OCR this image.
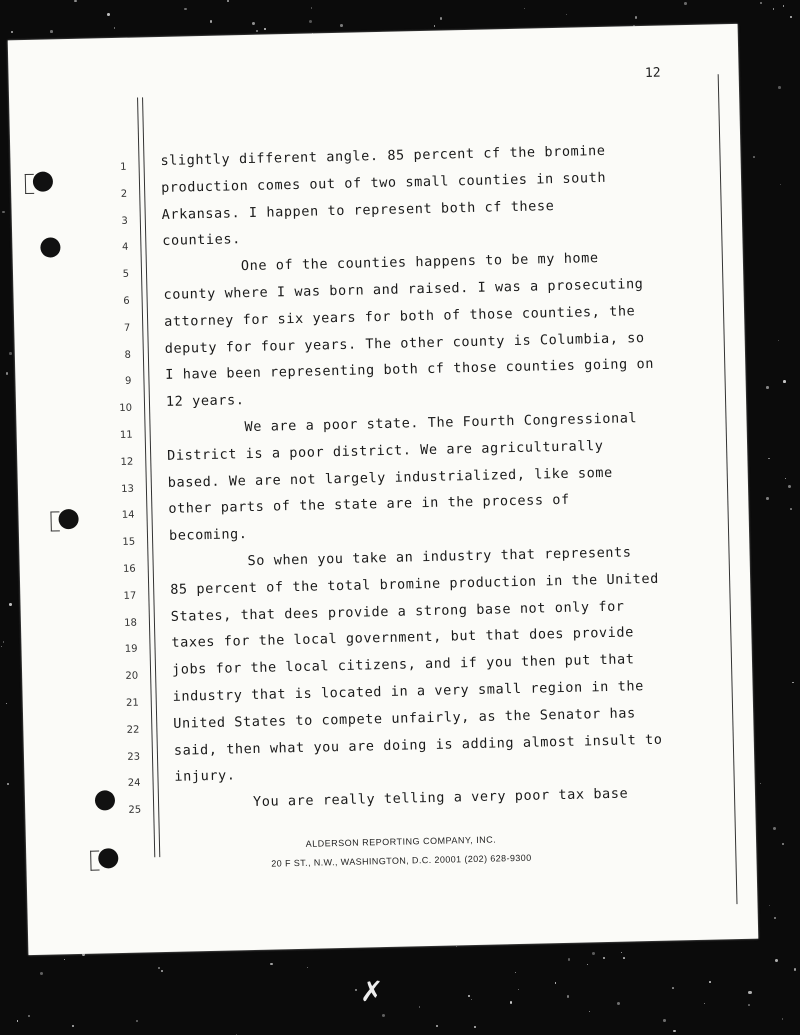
✗
12
1 slightly different angle. 85 percent cf the bromine
2 production comes out of two small counties in south
3 Arkansas. I happen to represent both cf these
4 counties.
5
One of the counties happens to be my home
6 county where I was born and raised. I was a prosecuting
7 attorney for six years for both of those counties, the
8 deputy for four years. The other county is Columbia, so
9 I have been representing both cf those counties going on
10 12 years.
11
We are a poor state. The Fourth Congressional
12 District is a poor district. We are agriculturally
13 based. We are not largely industrialized, like some
14 other parts of the state are in the process of
15 becoming.
16
So when you take an industry that represents
17 85 percent of the total bromine production in the United
18 States, that dees provide a strong base not only for
19 taxes for the local government, but that does provide
20 jobs for the local citizens, and if you then put that
21 industry that is located in a very small region in the
22 United States to compete unfairly, as the Senator has
23 said, then what you are doing is adding almost insult to
24 injury.
25
You are really telling a very poor tax base
ALDERSON REPORTING COMPANY, INC.
20 F ST., N.W., WASHINGTON, D.C. 20001 (202) 628-9300
